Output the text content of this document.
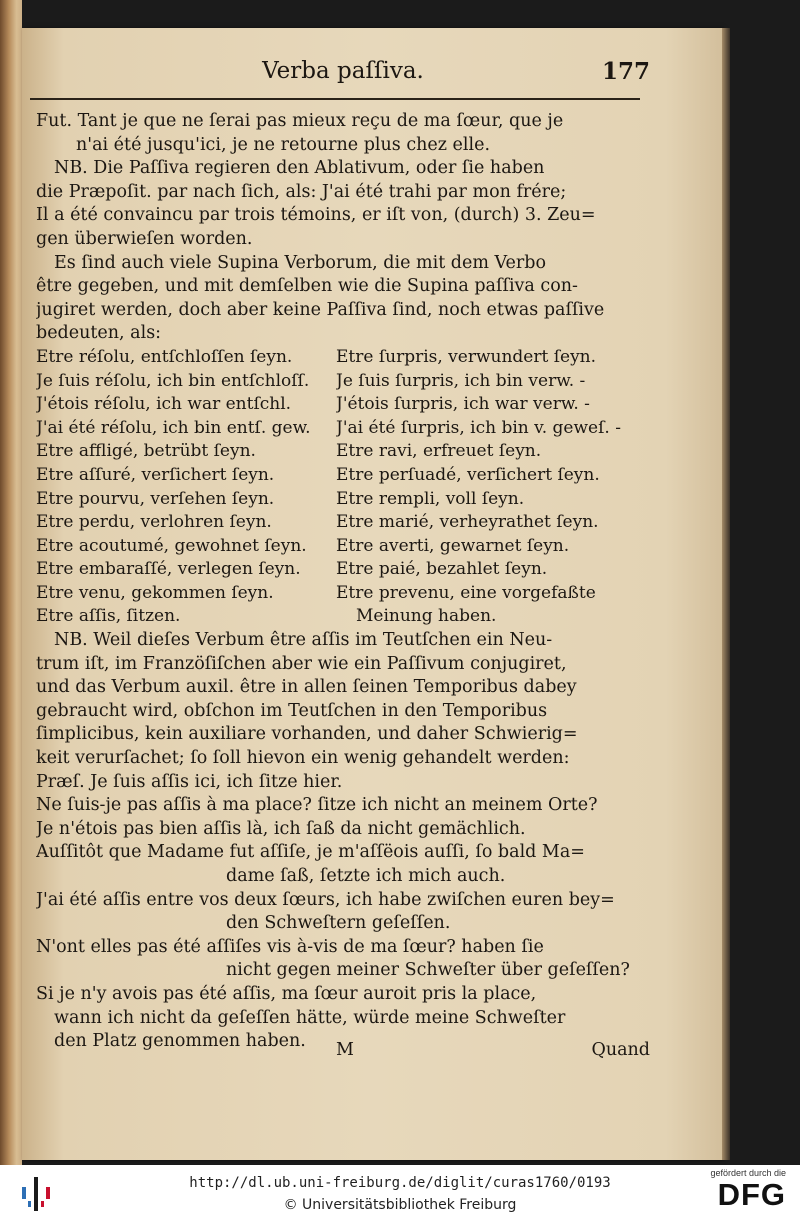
Verba paſſiva.	177
Fut. Tant je que ne ſerai pas mieux reçu de ma ſœur, que je
n'ai été jusqu'ici, je ne retourne plus chez elle.
NB. Die Paſſiva regieren den Ablativum, oder ſie haben
die Præpoſit. par nach ſich, als: J'ai été trahi par mon frére;
Il a été convaincu par trois témoins, er iſt von, (durch) 3. Zeu=
gen überwieſen worden.
Es ſind auch viele Supina Verborum, die mit dem Verbo
être gegeben, und mit demſelben wie die Supina paſſiva con-
jugiret werden, doch aber keine Paſſiva ſind, noch etwas paſſive
bedeuten, als:
Etre réſolu, entſchloſſen ſeyn.	Etre ſurpris, verwundert ſeyn.
Je ſuis réſolu, ich bin entſchloſſ.	Je ſuis ſurpris, ich bin verw. -
J'étois réſolu, ich war entſchl.	J'étois ſurpris, ich war verw. -
J'ai été réſolu, ich bin entſ. gew.	J'ai été ſurpris, ich bin v. geweſ. -
Etre affligé, betrübt ſeyn.	Etre ravi, erfreuet ſeyn.
Etre aſſuré, verſichert ſeyn.	Etre perſuadé, verſichert ſeyn.
Etre pourvu, verſehen ſeyn.	Etre rempli, voll ſeyn.
Etre perdu, verlohren ſeyn.	Etre marié, verheyrathet ſeyn.
Etre acoutumé, gewohnet ſeyn.	Etre averti, gewarnet ſeyn.
Etre embaraſſé, verlegen ſeyn.	Etre paié, bezahlet ſeyn.
Etre venu, gekommen ſeyn.	Etre prevenu, eine vorgefaßte
Etre aſſis, ſitzen.	Meinung haben.
NB. Weil dieſes Verbum être aſſis im Teutſchen ein Neu-
trum iſt, im Franzöſiſchen aber wie ein Paſſivum conjugiret,
und das Verbum auxil. être in allen ſeinen Temporibus dabey
gebraucht wird, obſchon im Teutſchen in den Temporibus
ſimplicibus, kein auxiliare vorhanden, und daher Schwierig=
keit verurſachet; ſo ſoll hievon ein wenig gehandelt werden:
Præſ. Je ſuis aſſis ici, ich ſitze hier.
Ne ſuis-je pas aſſis à ma place? ſitze ich nicht an meinem Orte?
Je n'étois pas bien aſſis là, ich ſaß da nicht gemächlich.
Auſſitôt que Madame fut aſſiſe, je m'aſſëois auſſi, ſo bald Ma=
dame ſaß, ſetzte ich mich auch.
J'ai été aſſis entre vos deux ſœurs, ich habe zwiſchen euren bey=
den Schweſtern geſeſſen.
N'ont elles pas été aſſiſes vis à-vis de ma ſœur? haben ſie
nicht gegen meiner Schweſter über geſeſſen?
Si je n'y avois pas été aſſis, ma ſœur auroit pris la place,
wann ich nicht da geſeſſen hätte, würde meine Schweſter
den Platz genommen haben.	M	Quand
http://dl.ub.uni-freiburg.de/diglit/curas1760/0193
© Universitätsbibliothek Freiburg
gefördert durch die
DFG
